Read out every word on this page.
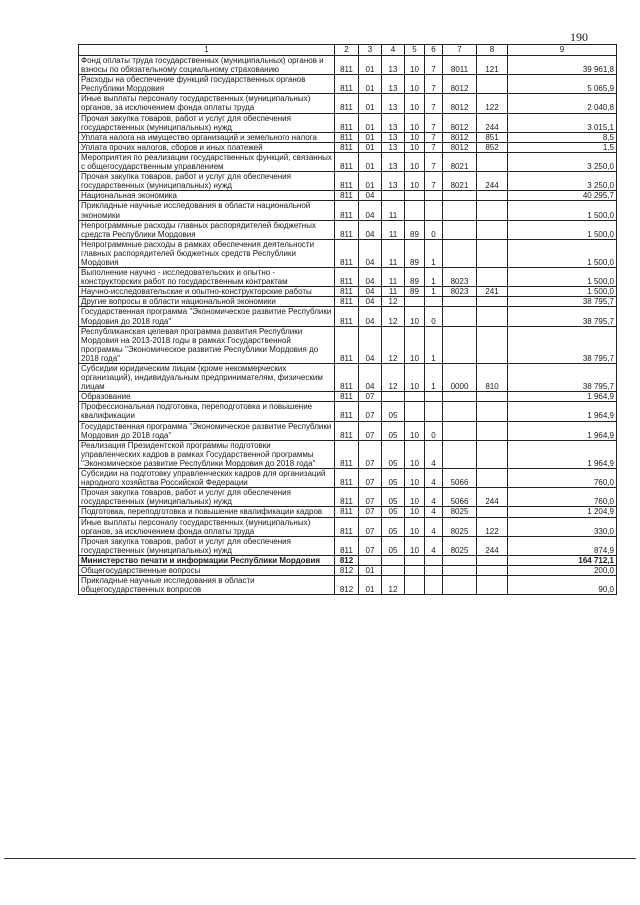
190
1	2	3	4	5	6	7	8	9
Фонд оплаты труда государственных (муниципальных) органов и взносы по обязательному социальному страхованию	811	01	13	10	7	8011	121	39 961,8
Расходы на обеспечение функций государственных органов Республики Мордовия	811	01	13	10	7	8012		5 065,9
Иные выплаты персоналу государственных (муниципальных) органов, за исключением фонда оплаты труда	811	01	13	10	7	8012	122	2 040,8
Прочая закупка товаров, работ и услуг для обеспечения государственных (муниципальных) нужд	811	01	13	10	7	8012	244	3 015,1
Уплата налога на имущество организаций и земельного налога	811	01	13	10	7	8012	851	8,5
Уплата прочих налогов, сборов и иных платежей	811	01	13	10	7	8012	852	1,5
Мероприятия по реализации государственных функций, связанных с общегосударственным управлением	811	01	13	10	7	8021		3 250,0
Прочая закупка товаров, работ и услуг для обеспечения государственных (муниципальных) нужд	811	01	13	10	7	8021	244	3 250,0
Национальная экономика	811	04						40 295,7
Прикладные научные исследования в области национальной экономики	811	04	11					1 500,0
Непрограммные расходы главных распорядителей бюджетных средств Республики Мордовия	811	04	11	89	0			1 500,0
Непрограммные расходы в рамках обеспечения деятельности главных распорядителей бюджетных средств Республики Мордовия	811	04	11	89	1			1 500,0
Выполнение научно - исследовательских и опытно - конструкторских работ по государственным контрактам	811	04	11	89	1	8023		1 500,0
Научно-исследовательские и опытно-конструкторские работы	811	04	11	89	1	8023	241	1 500,0
Другие вопросы в области национальной экономики	811	04	12					38 795,7
Государственная программа "Экономическое развитие Республики Мордовия до 2018 года"	811	04	12	10	0			38 795,7
Республиканская целевая программа развития Республики Мордовия на 2013-2018 годы в рамках Государственной программы "Экономическое развитие Республики Мордовия до 2018 года"	811	04	12	10	1			38 795,7
Субсидии юридическим лицам (кроме некоммерческих организаций), индивидуальным предпринимателям, физическим лицам	811	04	12	10	1	0000	810	38 795,7
Образование	811	07						1 964,9
Профессиональная подготовка, переподготовка и повышение квалификации	811	07	05					1 964,9
Государственная программа "Экономическое развитие Республики Мордовия до 2018 года"	811	07	05	10	0			1 964,9
Реализация Президентской программы подготовки управленческих кадров в рамках Государственной программы "Экономическое развитие Республики Мордовия до 2018 года"	811	07	05	10	4			1 964,9
Субсидии на подготовку управленческих кадров для организаций народного хозяйства Российской Федерации	811	07	05	10	4	5066		760,0
Прочая закупка товаров, работ и услуг для обеспечения государственных (муниципальных) нужд	811	07	05	10	4	5066	244	760,0
Подготовка, переподготовка и повышение квалификации кадров	811	07	05	10	4	8025		1 204,9
Иные выплаты персоналу государственных (муниципальных) органов, за исключением фонда оплаты труда	811	07	05	10	4	8025	122	330,0
Прочая закупка товаров, работ и услуг для обеспечения государственных (муниципальных) нужд	811	07	05	10	4	8025	244	874,9
Министерство печати и информации Республики Мордовия	812							164 712,1
Общегосударственные вопросы	812	01						200,0
Прикладные научные исследования в области общегосударственных вопросов	812	01	12					90,0
